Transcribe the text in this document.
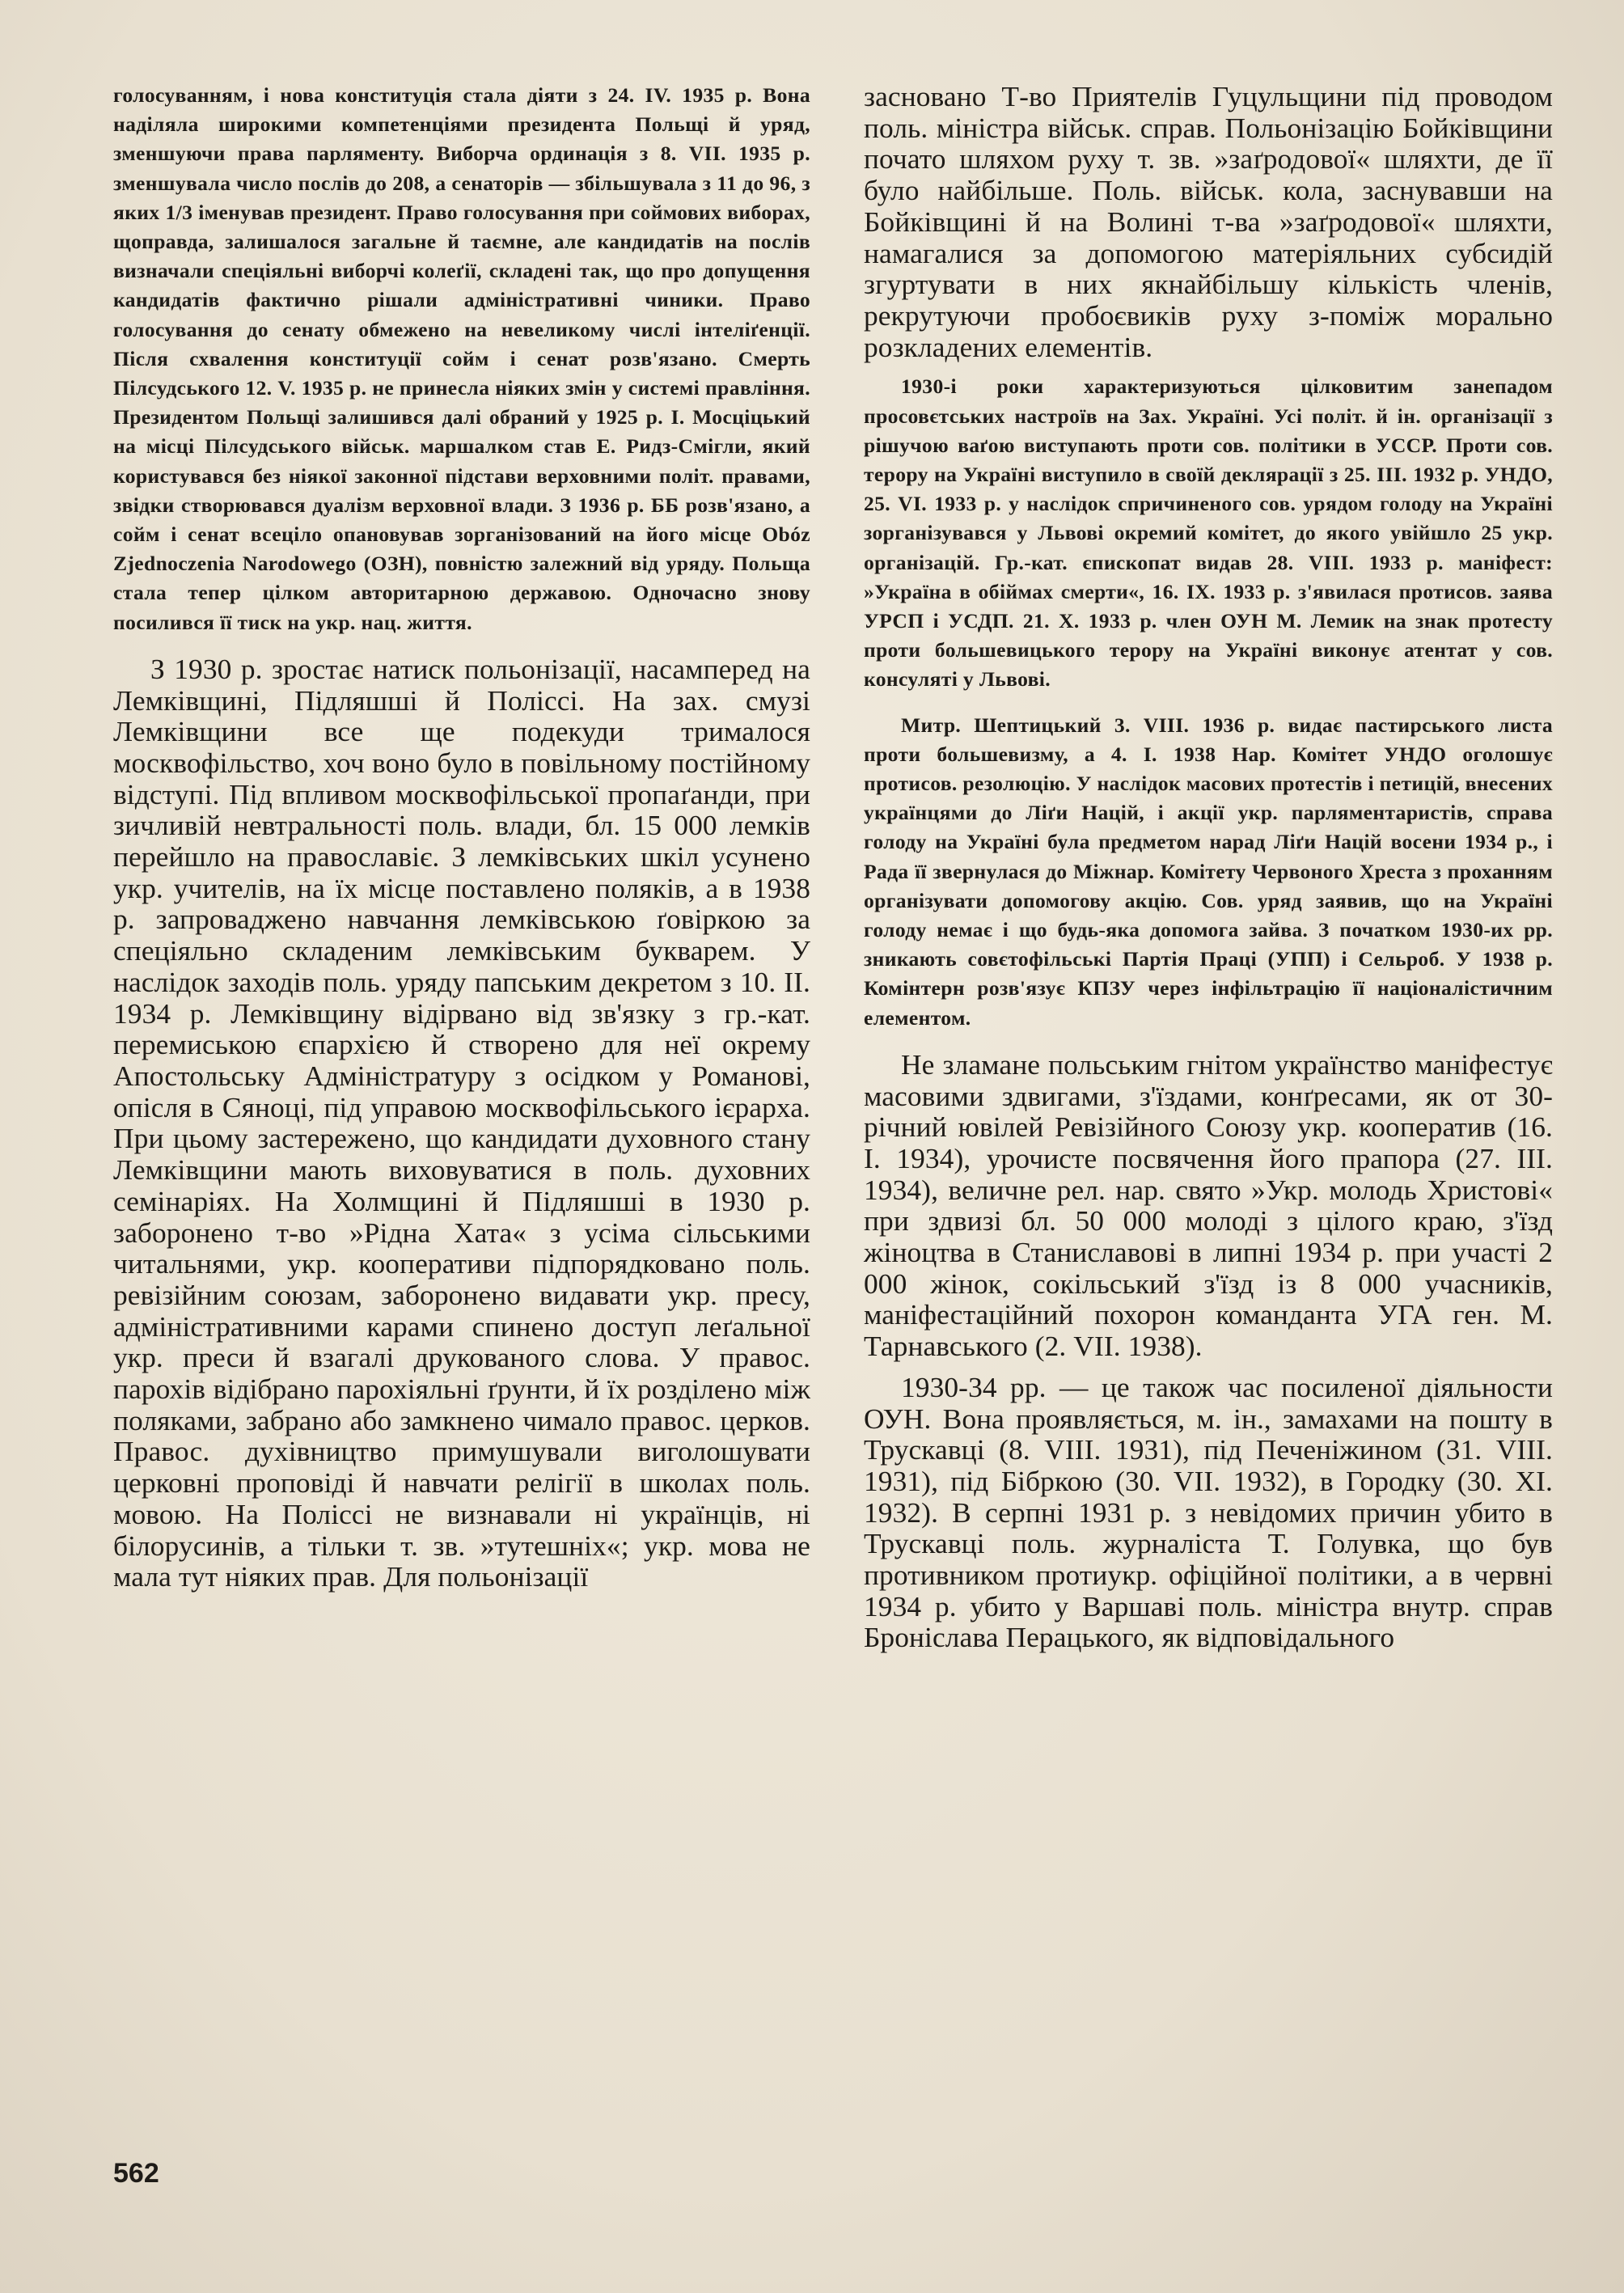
голосуванням, і нова конституція стала діяти з 24. IV. 1935 р. Вона наділяла широкими компетенціями президента Польщі й уряд, зменшуючи права парляменту. Виборча ординація з 8. VII. 1935 р. зменшувала число послів до 208, а сенаторів — збільшувала з 11 до 96, з яких 1/3 іменував президент. Право голосування при соймових виборах, щоправда, залишалося загальне й таємне, але кандидатів на послів визначали спеціяльні виборчі колеґії, складені так, що про допущення кандидатів фактично рішали адміністративні чиники. Право голосування до сенату обмежено на невеликому числі інтеліґенції. Після схвалення конституції сойм і сенат розв'язано. Смерть Пілсудського 12. V. 1935 р. не принесла ніяких змін у системі правління. Президентом Польщі залишився далі обраний у 1925 р. І. Мосціцький на місці Пілсудського військ. маршалком став Е. Ридз-Смігли, який користувався без ніякої законної підстави верховними політ. правами, звідки створювався дуалізм верховної влади. З 1936 р. ББ розв'язано, а сойм і сенат всецілo опановував зорганізований на його місце Obóz Zjednoczenia Narodowego (ОЗН), повністю залежний від уряду. Польща стала тепер цілком авторитарною державою. Одночасно знову посилився її тиск на укр. нац. життя.

З 1930 р. зростає натиск польонізації, насамперед на Лемківщині, Підляшші й Поліссі. На зах. смузі Лемківщини все ще подекуди трималося москвофільство, хоч воно було в повільному постійному відступі. Під впливом москвофільської пропаґанди, при зичливій невтральності поль. влади, бл. 15 000 лемків перейшло на православіє. З лемківських шкіл усунено укр. учителів, на їх місце поставлено поляків, а в 1938 р. запроваджено навчання лемківською ґовіркою за спеціяльно складеним лемківським букварем. У наслідок заходів поль. уряду папським декретом з 10. II. 1934 р. Лемківщину відірвано від зв'язку з гр.-кат. перемиською єпархією й створено для неї окрему Апостольську Адміністратуру з осідком у Романові, опісля в Сяноці, під управою москвофільського ієрарха. При цьому застережено, що кандидати духовного стану Лемківщини мають виховуватися в поль. духовних семінаріях. На Холмщині й Підляшші в 1930 р. заборонено т-во »Рідна Хата« з усіма сільськими читальнями, укр. кооперативи підпорядковано поль. ревізійним союзам, заборонено видавати укр. пресу, адміністративними карами спинено доступ леґальної укр. преси й взагалі друкованого слова. У правос. парохів відібрано парохіяльні ґрунти, й їх розділено між поляками, забрано або замкнено чимало правос. церков. Правос. духівництво примушували виголошувати церковні проповіді й навчати релігії в школах поль. мовою. На Поліссі не визнавали ні українців, ні білорусинів, а тільки т. зв. »тутешніх«; укр. мова не мала тут ніяких прав. Для польонізації

засновано Т-во Приятелів Гуцульщини під проводом поль. міністра військ. справ. Польонізацію Бойківщини почато шляхом руху т. зв. »заґродової« шляхти, де її було найбільше. Поль. військ. кола, заснувавши на Бойківщині й на Волині т-ва »заґродової« шляхти, намагалися за допомогою матеріяльних субсидій згуртувати в них якнайбільшу кількість членів, рекрутуючи пробоєвиків руху з-поміж морально розкладених елементів.

1930-і роки характеризуються цілковитим занепадом просовєтських настроїв на Зах. Україні. Усі політ. й ін. організації з рішучою ваґою виступають проти сов. політики в УССР. Проти сов. терору на Україні виступило в своїй деклярації з 25. III. 1932 р. УНДО, 25. VI. 1933 р. у наслідок спричиненого сов. урядом голоду на Україні зорганізувався у Львові окремий комітет, до якого увійшло 25 укр. організацій. Гр.-кат. єпископат видав 28. VIII. 1933 р. маніфест: »Україна в обіймах смерти«, 16. IX. 1933 р. з'явилася протисов. заява УРСП і УСДП. 21. X. 1933 р. член ОУН М. Лемик на знак протесту проти большевицького терору на Україні виконує атентат у сов. консуляті у Львові.

Митр. Шептицький 3. VIII. 1936 р. видає пастирського листа проти большевизму, а 4. I. 1938 Нар. Комітет УНДО оголошує протисов. резолюцію. У наслідок масових протестів і петицій, внесених українцями до Ліґи Націй, і акції укр. парляментаристів, справа голоду на Україні була предметом нарад Ліґи Націй восени 1934 р., і Рада її звернулася до Міжнар. Комітету Червоного Хреста з проханням організувати допомогову акцію. Сов. уряд заявив, що на Україні голоду немає і що будь-яка допомога зайва. З початком 1930-их рр. зникають совєтофільські Партія Праці (УПП) і Сельроб. У 1938 р. Комінтерн розв'язує КПЗУ через інфільтрацію її націоналістичним елементом.

Не зламане польським гнітом українство маніфестує масовими здвигами, з'їздами, конґресами, як от 30-річний ювілей Ревізійного Союзу укр. кооператив (16. I. 1934), урочисте посвячення його прапора (27. III. 1934), величне рел. нар. свято »Укр. молодь Христові« при здвизі бл. 50 000 молоді з цілого краю, з'їзд жіноцтва в Станиславові в липні 1934 р. при участі 2 000 жінок, сокільський з'їзд із 8 000 учасників, маніфестаційний похорон команданта УГА ген. М. Тарнавського (2. VII. 1938).

1930-34 рр. — це також час посиленої діяльности ОУН. Вона проявляється, м. ін., замахами на пошту в Трускавці (8. VIII. 1931), під Печеніжином (31. VIII. 1931), під Бібркою (30. VII. 1932), в Городку (30. XI. 1932). В серпні 1931 р. з невідомих причин убито в Трускавці поль. журналіста Т. Голувка, що був противником протиукр. офіційної політики, а в червні 1934 р. убито у Варшаві поль. міністра внутр. справ Броніслава Перацького, як відповідального

562
